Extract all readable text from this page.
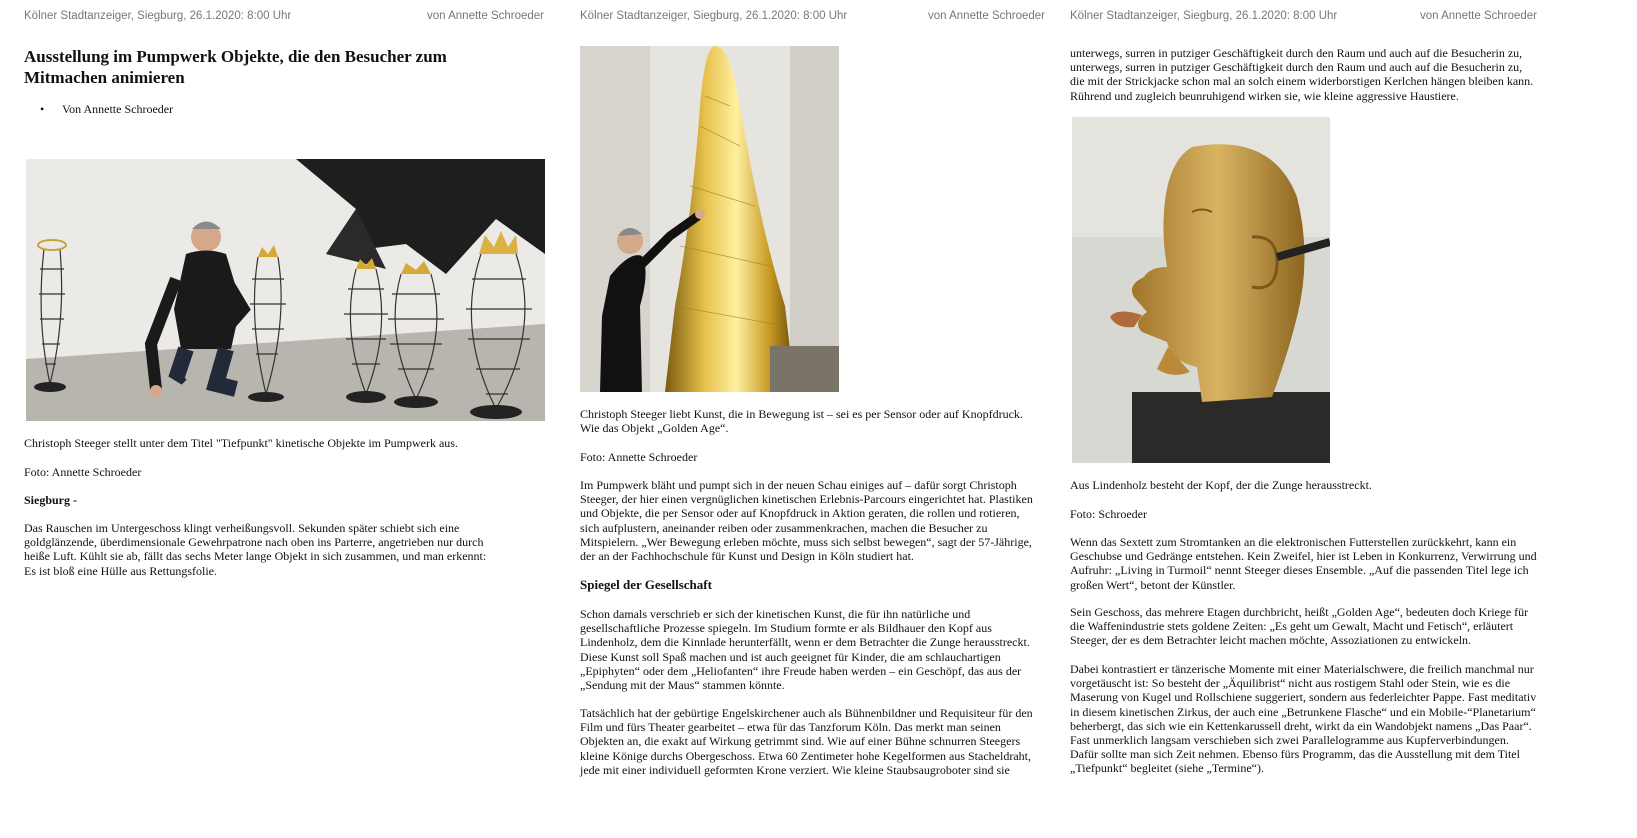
Kölner Stadtanzeiger, Siegburg, 26.1.2020: 8:00 Uhr	von Annette Schroeder
Ausstellung im Pumpwerk Objekte, die den Besucher zum Mitmachen animieren
• Von Annette Schroeder

Christoph Steeger stellt unter dem Titel "Tiefpunkt" kinetische Objekte im Pumpwerk aus.

Foto: Annette Schroeder

Siegburg -

Das Rauschen im Untergeschoss klingt verheißungsvoll. Sekunden später schiebt sich eine goldglänzende, überdimensionale Gewehrpatrone nach oben ins Parterre, angetrieben nur durch heiße Luft. Kühlt sie ab, fällt das sechs Meter lange Objekt in sich zusammen, und man erkennt: Es ist bloß eine Hülle aus Rettungsfolie.

Kölner Stadtanzeiger, Siegburg, 26.1.2020: 8:00 Uhr	von Annette Schroeder

Christoph Steeger liebt Kunst, die in Bewegung ist – sei es per Sensor oder auf Knopfdruck. Wie das Objekt „Golden Age“.

Foto: Annette Schroeder

Im Pumpwerk bläht und pumpt sich in der neuen Schau einiges auf – dafür sorgt Christoph Steeger, der hier einen vergnüglichen kinetischen Erlebnis-Parcours eingerichtet hat. Plastiken und Objekte, die per Sensor oder auf Knopfdruck in Aktion geraten, die rollen und rotieren, sich aufplustern, aneinander reiben oder zusammenkrachen, machen die Besucher zu Mitspielern. „Wer Bewegung erleben möchte, muss sich selbst bewegen“, sagt der 57-Jährige, der an der Fachhochschule für Kunst und Design in Köln studiert hat.

Spiegel der Gesellschaft

Schon damals verschrieb er sich der kinetischen Kunst, die für ihn natürliche und gesellschaftliche Prozesse spiegeln. Im Studium formte er als Bildhauer den Kopf aus Lindenholz, dem die Kinnlade herunterfällt, wenn er dem Betrachter die Zunge herausstreckt. Diese Kunst soll Spaß machen und ist auch geeignet für Kinder, die am schlauchartigen „Epiphyten“ oder dem „Heliofanten“ ihre Freude haben werden – ein Geschöpf, das aus der „Sendung mit der Maus“ stammen könnte.

Tatsächlich hat der gebürtige Engelskirchener auch als Bühnenbildner und Requisiteur für den Film und fürs Theater gearbeitet – etwa für das Tanzforum Köln. Das merkt man seinen Objekten an, die exakt auf Wirkung getrimmt sind. Wie auf einer Bühne schnurren Steegers kleine Könige durchs Obergeschoss. Etwa 60 Zentimeter hohe Kegelformen aus Stacheldraht, jede mit einer individuell geformten Krone verziert. Wie kleine Staubsaugroboter sind sie

Kölner Stadtanzeiger, Siegburg, 26.1.2020: 8:00 Uhr	von Annette Schroeder

unterwegs, surren in putziger Geschäftigkeit durch den Raum und auch auf die Besucherin zu, unterwegs, surren in putziger Geschäftigkeit durch den Raum und auch auf die Besucherin zu, die mit der Strickjacke schon mal an solch einem widerborstigen Kerlchen hängen bleiben kann. Rührend und zugleich beunruhigend wirken sie, wie kleine aggressive Haustiere.

Aus Lindenholz besteht der Kopf, der die Zunge herausstreckt.

Foto: Schroeder

Wenn das Sextett zum Stromtanken an die elektronischen Futterstellen zurückkehrt, kann ein Geschubse und Gedränge entstehen. Kein Zweifel, hier ist Leben in Konkurrenz, Verwirrung und Aufruhr: „Living in Turmoil“ nennt Steeger dieses Ensemble. „Auf die passenden Titel lege ich großen Wert“, betont der Künstler.

Sein Geschoss, das mehrere Etagen durchbricht, heißt „Golden Age“, bedeuten doch Kriege für die Waffenindustrie stets goldene Zeiten: „Es geht um Gewalt, Macht und Fetisch“, erläutert Steeger, der es dem Betrachter leicht machen möchte, Assoziationen zu entwickeln.

Dabei kontrastiert er tänzerische Momente mit einer Materialschwere, die freilich manchmal nur vorgetäuscht ist: So besteht der „Äquilibrist“ nicht aus rostigem Stahl oder Stein, wie es die Maserung von Kugel und Rollschiene suggeriert, sondern aus federleichter Pappe. Fast meditativ in diesem kinetischen Zirkus, der auch eine „Betrunkene Flasche“ und ein Mobile-“Planetarium“ beherbergt, das sich wie ein Kettenkarussell dreht, wirkt da ein Wandobjekt namens „Das Paar“. Fast unmerklich langsam verschieben sich zwei Parallelogramme aus Kupferverbindungen. Dafür sollte man sich Zeit nehmen. Ebenso fürs Programm, das die Ausstellung mit dem Titel „Tiefpunkt“ begleitet (siehe „Termine“).
